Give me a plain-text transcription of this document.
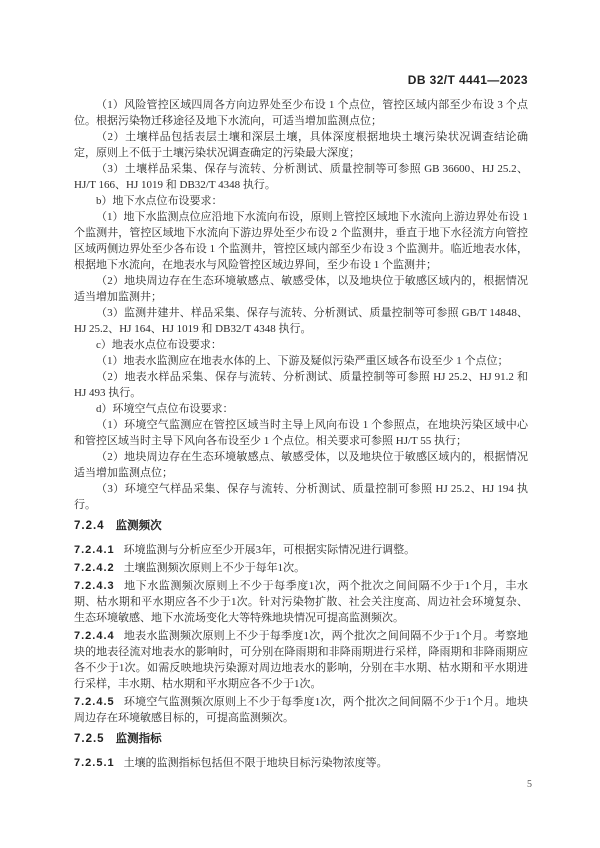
DB 32/T 4441—2023

（1）风险管控区域四周各方向边界处至少布设 1 个点位，管控区域内部至少布设 3 个点位。根据污染物迁移途径及地下水流向，可适当增加监测点位；

（2）土壤样品包括表层土壤和深层土壤，具体深度根据地块土壤污染状况调查结论确定，原则上不低于土壤污染状况调查确定的污染最大深度；

（3）土壤样品采集、保存与流转、分析测试、质量控制等可参照 GB 36600、HJ 25.2、HJ/T 166、HJ 1019 和 DB32/T 4348 执行。

b）地下水点位布设要求：

（1）地下水监测点位应沿地下水流向布设，原则上管控区域地下水流向上游边界处布设 1 个监测井，管控区域地下水流向下游边界处至少布设 2 个监测井，垂直于地下水径流方向管控区域两侧边界处至少各布设 1 个监测井，管控区域内部至少布设 3 个监测井。临近地表水体，根据地下水流向，在地表水与风险管控区域边界间，至少布设 1 个监测井；

（2）地块周边存在生态环境敏感点、敏感受体，以及地块位于敏感区域内的，根据情况适当增加监测井；

（3）监测井建井、样品采集、保存与流转、分析测试、质量控制等可参照 GB/T 14848、HJ 25.2、HJ 164、HJ 1019 和 DB32/T 4348 执行。

c）地表水点位布设要求：

（1）地表水监测应在地表水体的上、下游及疑似污染严重区域各布设至少 1 个点位；

（2）地表水样品采集、保存与流转、分析测试、质量控制等可参照 HJ 25.2、HJ 91.2 和 HJ 493 执行。

d）环境空气点位布设要求：

（1）环境空气监测应在管控区域当时主导上风向布设 1 个参照点，在地块污染区域中心和管控区域当时主导下风向各布设至少 1 个点位。相关要求可参照 HJ/T 55 执行；

（2）地块周边存在生态环境敏感点、敏感受体，以及地块位于敏感区域内的，根据情况适当增加监测点位；

（3）环境空气样品采集、保存与流转、分析测试、质量控制可参照 HJ 25.2、HJ 194 执行。

7.2.4 监测频次

7.2.4.1 环境监测与分析应至少开展3年，可根据实际情况进行调整。

7.2.4.2 土壤监测频次原则上不少于每年1次。

7.2.4.3 地下水监测频次原则上不少于每季度1次，两个批次之间间隔不少于1个月，丰水期、枯水期和平水期应各不少于1次。针对污染物扩散、社会关注度高、周边社会环境复杂、生态环境敏感、地下水流场变化大等特殊地块情况可提高监测频次。

7.2.4.4 地表水监测频次原则上不少于每季度1次，两个批次之间间隔不少于1个月。考察地块的地表径流对地表水的影响时，可分别在降雨期和非降雨期进行采样，降雨期和非降雨期应各不少于1次。如需反映地块污染源对周边地表水的影响，分别在丰水期、枯水期和平水期进行采样，丰水期、枯水期和平水期应各不少于1次。

7.2.4.5 环境空气监测频次原则上不少于每季度1次，两个批次之间间隔不少于1个月。地块周边存在环境敏感目标的，可提高监测频次。

7.2.5 监测指标

7.2.5.1 土壤的监测指标包括但不限于地块目标污染物浓度等。

5
